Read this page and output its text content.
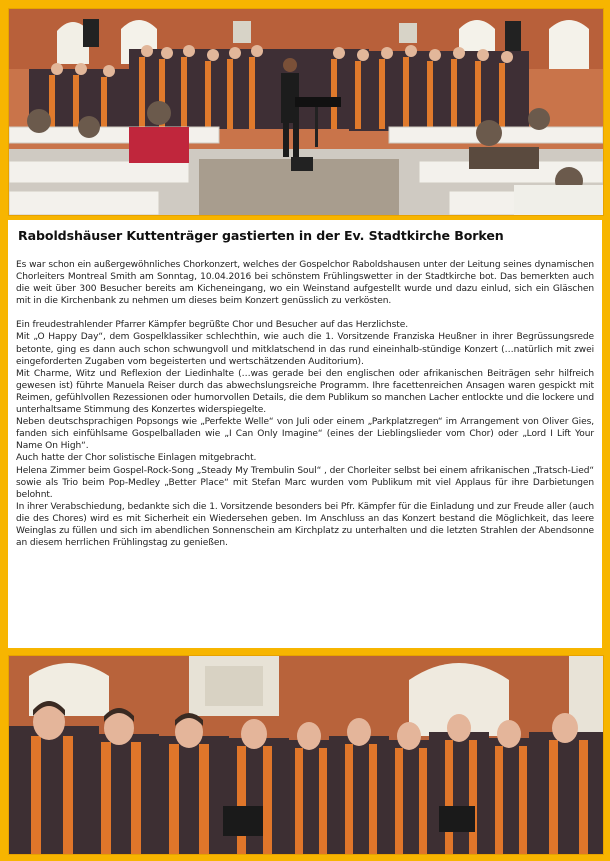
Raboldshäuser Kuttenträger gastierten in der Ev. Stadtkirche Borken

Es war schon ein außergewöhnliches Chorkonzert, welches der Gospelchor Raboldshausen unter der Leitung seines dynamischen Chorleiters Montreal Smith am Sonntag, 10.04.2016 bei schönstem Frühlingswetter in der Stadtkirche bot. Das bemerkten auch die weit über 300 Besucher bereits am Kicheneingang, wo ein Weinstand aufgestellt wurde und dazu einlud, sich ein Gläschen mit in die Kirchenbank zu nehmen um dieses beim Konzert genüsslich zu verkösten.

Ein freudestrahlender Pfarrer Kämpfer begrüßte Chor und Besucher auf das Herzlichste.

Mit „O Happy Day“, dem Gospelklassiker schlechthin, wie auch die 1. Vorsitzende Franziska Heußner in ihrer Begrüssungsrede betonte, ging es dann auch schon schwungvoll und mitklatschend in das rund eineinhalb-stündige Konzert (…natürlich mit zwei eingeforderten Zugaben vom begeisterten und wertschätzenden Auditorium).

Mit Charme, Witz und Reflexion der Liedinhalte (…was gerade bei den englischen oder afrikanischen Beiträgen sehr hilfreich gewesen ist) führte Manuela Reiser durch das abwechslungsreiche Programm. Ihre facettenreichen Ansagen waren gespickt mit Reimen, gefühlvollen Rezessionen oder humorvollen Details, die dem Publikum so manchen Lacher entlockte und die lockere und unterhaltsame Stimmung des Konzertes widerspiegelte.

Neben deutschsprachigen Popsongs wie „Perfekte Welle“ von Juli oder einem „Parkplatzregen“ im Arrangement von Oliver Gies, fanden sich einfühlsame Gospelballaden wie „I Can Only Imagine“ (eines der Lieblingslieder vom Chor) oder „Lord I Lift Your Name On High“.

Auch hatte der Chor solistische Einlagen mitgebracht.

Helena Zimmer beim Gospel-Rock-Song „Steady My Trembulin Soul“ , der Chorleiter selbst bei einem afrikanischen „Tratsch-Lied“ sowie als Trio beim Pop-Medley „Better Place“ mit Stefan Marc wurden vom Publikum mit viel Applaus für ihre Darbietungen belohnt.

In ihrer Verabschiedung, bedankte sich die 1. Vorsitzende besonders bei Pfr. Kämpfer für die Einladung und zur Freude aller (auch die des Chores) wird es mit Sicherheit ein Wiedersehen geben. Im Anschluss an das Konzert bestand die Möglichkeit, das leere Weinglas zu füllen und sich im abendlichen Sonnenschein am Kirchplatz zu unterhalten und die letzten Strahlen der Abendsonne an diesem herrlichen Frühlingstag zu genießen.
